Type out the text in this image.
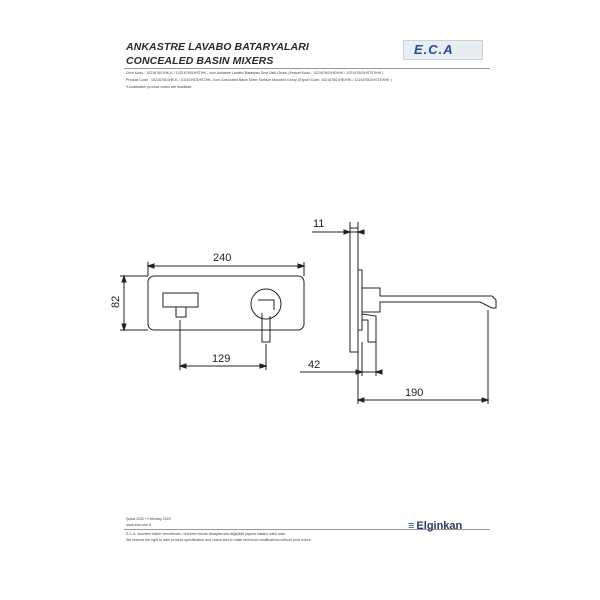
ANKASTRE LAVABO BATARYALARI
CONCEALED BASIN MIXERS
Ürün Kodu : 102167601HK-K / 102167601HSTHK - Icon Ankastre Lavabo Bataryası Sıva Üstü Grubu (İhracat Kodu : 102167601HEXHK / 102167601HSTEXHK )
Product Code : 102167601HK-K / 102167601HSTHK- Icon Concealed Basin Mixer Surface Mounted Group (Export Code: 102167601HEXHK / 102167601HSTEXHK )
*Localisation product codes are available.
E.C.A
240
82
129
11
42
190
Şubat 2020 / February 2020
www.eca.com.tr
E.C.A. önceden haber vermeksizin, ürünlerin teknik detaylarında değişiklik yapma hakkını saklı tutar.
We reserve the right to alter product specification and colors and to make technical modifications without prior notice.
≡ Elginkan
